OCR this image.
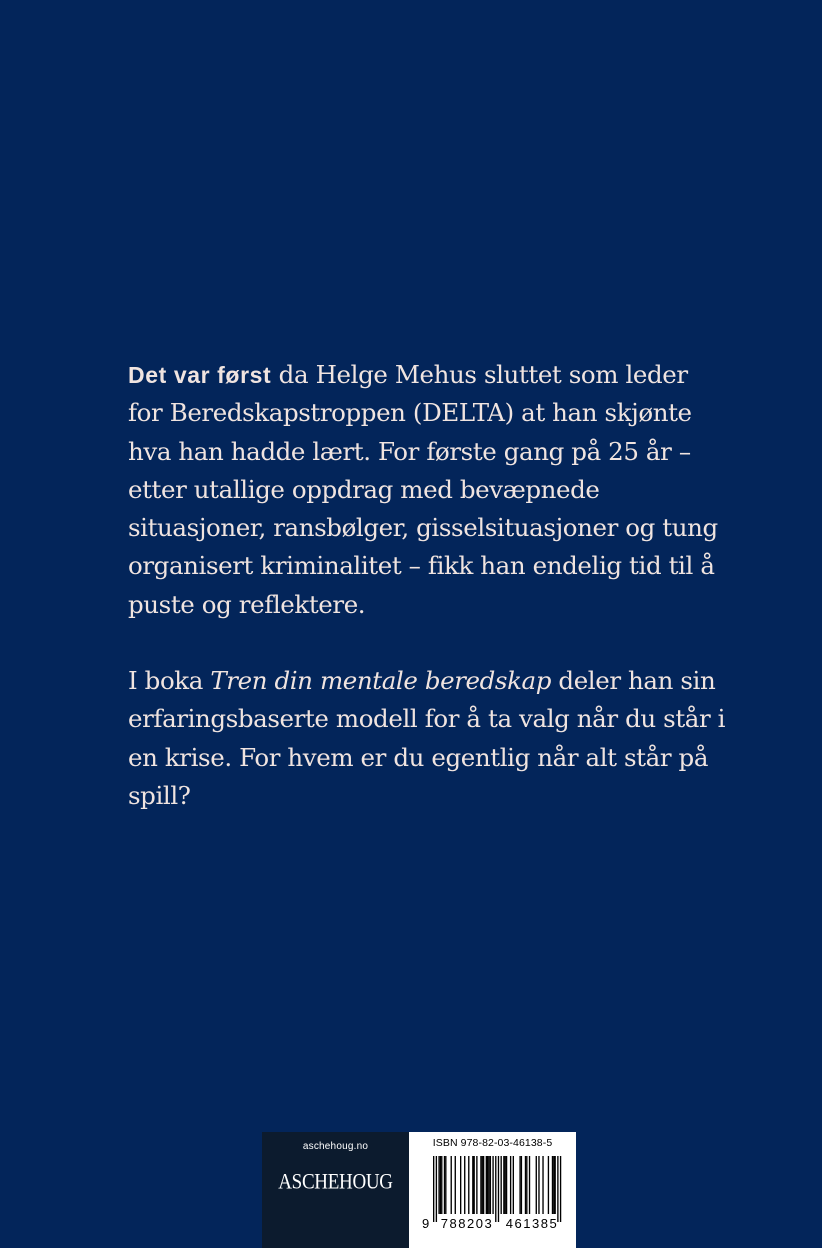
Det var først da Helge Mehus sluttet som leder for Beredskapstroppen (DELTA) at han skjønte hva han hadde lært. For første gang på 25 år – etter utallige oppdrag med bevæpnede situasjoner, ransbølger, gisselsituasjoner og tung organisert kriminalitet – fikk han endelig tid til å puste og reflektere.

I boka Tren din mentale beredskap deler han sin erfaringsbaserte modell for å ta valg når du står i en krise. For hvem er du egentlig når alt står på spill?

aschehoug.no
ASCHEHOUG
ISBN 978-82-03-46138-5
9 788203 461385
